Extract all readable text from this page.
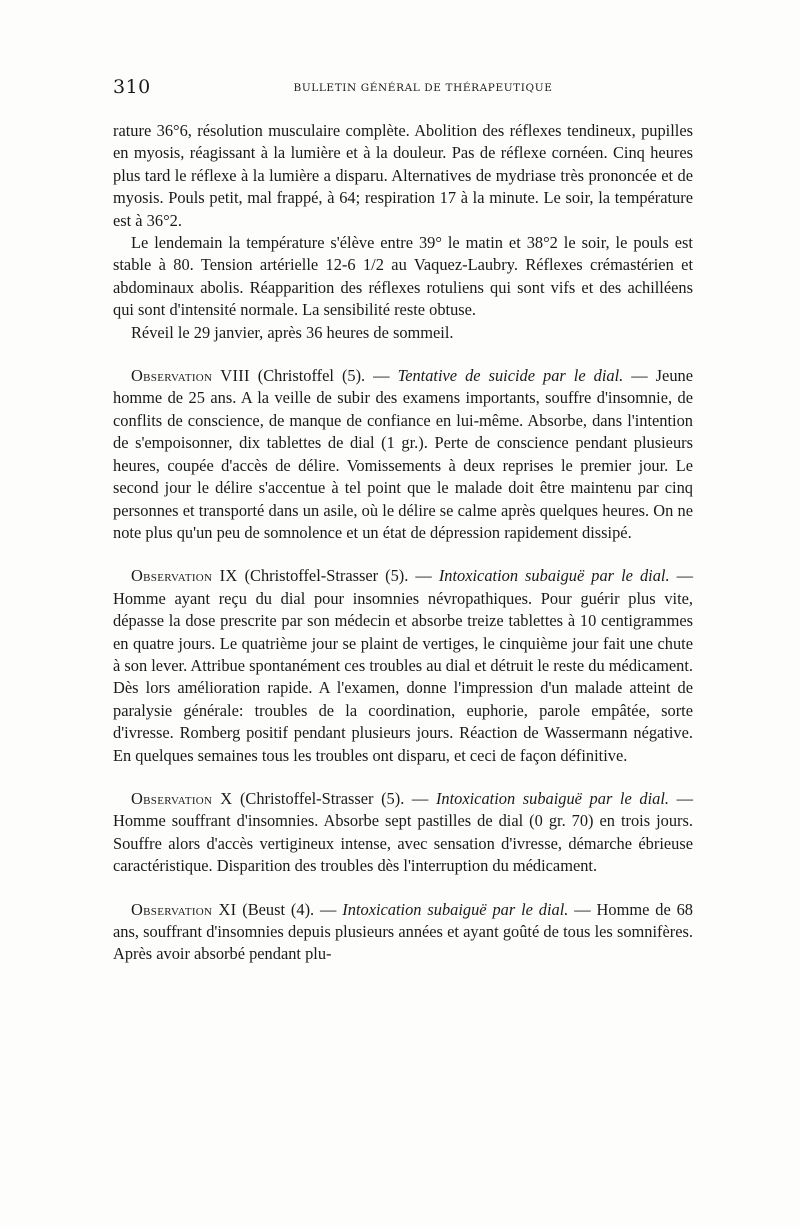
310	BULLETIN GÉNÉRAL DE THÉRAPEUTIQUE

rature 36°6, résolution musculaire complète. Abolition des réflexes tendineux, pupilles en myosis, réagissant à la lumière et à la douleur. Pas de réflexe cornéen. Cinq heures plus tard le réflexe à la lumière a disparu. Alternatives de mydriase très prononcée et de myosis. Pouls petit, mal frappé, à 64; respiration 17 à la minute. Le soir, la température est à 36°2.

Le lendemain la température s'élève entre 39° le matin et 38°2 le soir, le pouls est stable à 80. Tension artérielle 12-6 1/2 au Vaquez-Laubry. Réflexes crémastérien et abdominaux abolis. Réapparition des réflexes rotuliens qui sont vifs et des achilléens qui sont d'intensité normale. La sensibilité reste obtuse.

Réveil le 29 janvier, après 36 heures de sommeil.

Observation VIII (Christoffel (5). — Tentative de suicide par le dial. — Jeune homme de 25 ans. A la veille de subir des examens importants, souffre d'insomnie, de conflits de conscience, de manque de confiance en lui-même. Absorbe, dans l'intention de s'empoisonner, dix tablettes de dial (1 gr.). Perte de conscience pendant plusieurs heures, coupée d'accès de délire. Vomissements à deux reprises le premier jour. Le second jour le délire s'accentue à tel point que le malade doit être maintenu par cinq personnes et transporté dans un asile, où le délire se calme après quelques heures. On ne note plus qu'un peu de somnolence et un état de dépression rapidement dissipé.

Observation IX (Christoffel-Strasser (5). — Intoxication subaiguë par le dial. — Homme ayant reçu du dial pour insomnies névropathiques. Pour guérir plus vite, dépasse la dose prescrite par son médecin et absorbe treize tablettes à 10 centigrammes en quatre jours. Le quatrième jour se plaint de vertiges, le cinquième jour fait une chute à son lever. Attribue spontanément ces troubles au dial et détruit le reste du médicament. Dès lors amélioration rapide. A l'examen, donne l'impression d'un malade atteint de paralysie générale: troubles de la coordination, euphorie, parole empâtée, sorte d'ivresse. Romberg positif pendant plusieurs jours. Réaction de Wassermann négative. En quelques semaines tous les troubles ont disparu, et ceci de façon définitive.

Observation X (Christoffel-Strasser (5). — Intoxication subaiguë par le dial. — Homme souffrant d'insomnies. Absorbe sept pastilles de dial (0 gr. 70) en trois jours. Souffre alors d'accès vertigineux intense, avec sensation d'ivresse, démarche ébrieuse caractéristique. Disparition des troubles dès l'interruption du médicament.

Observation XI (Beust (4). — Intoxication subaiguë par le dial. — Homme de 68 ans, souffrant d'insomnies depuis plusieurs années et ayant goûté de tous les somnifères. Après avoir absorbé pendant plu-
